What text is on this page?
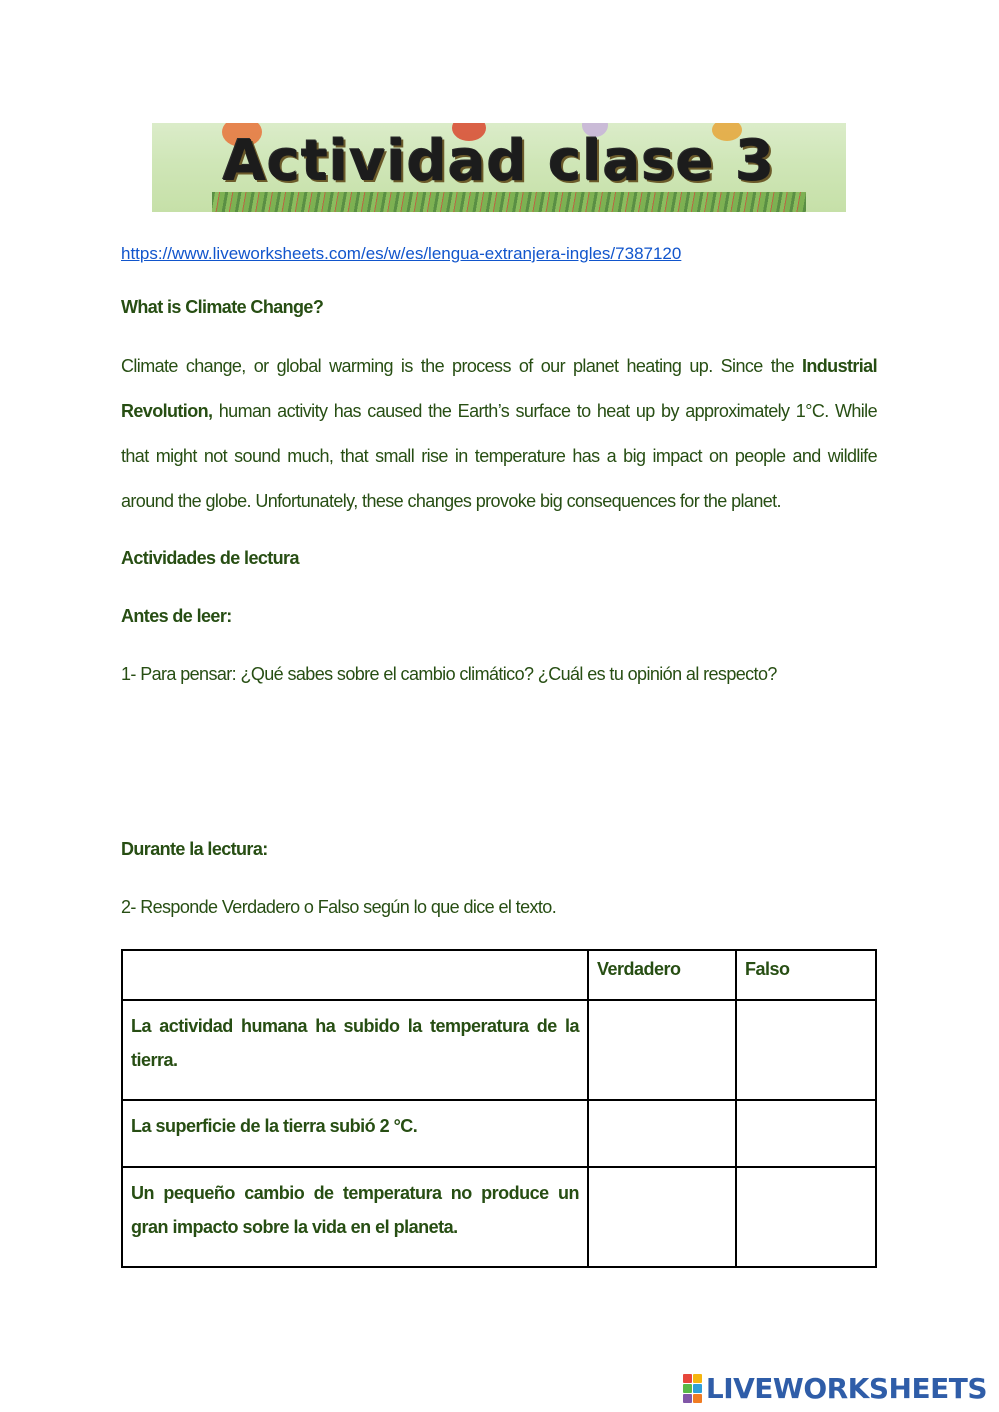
Actividad clase 3
https://www.liveworksheets.com/es/w/es/lengua-extranjera-ingles/7387120
What is Climate Change?
Climate change, or global warming is the process of our planet heating up. Since the Industrial Revolution, human activity has caused the Earth’s surface to heat up by approximately 1°C. While that might not sound much, that small rise in temperature has a big impact on people and wildlife around the globe. Unfortunately, these changes provoke big consequences for the planet.
Actividades de lectura
Antes de leer:
1- Para pensar: ¿Qué sabes sobre el cambio climático? ¿Cuál es tu opinión al respecto?
Durante la lectura:
2- Responde Verdadero o Falso según lo que dice el texto.
	Verdadero	Falso
La actividad humana ha subido la temperatura de la tierra.		
La superficie de la tierra subió 2 °C.		
Un pequeño cambio de temperatura no produce un gran impacto sobre la vida en el planeta.		
LIVEWORKSHEETS
